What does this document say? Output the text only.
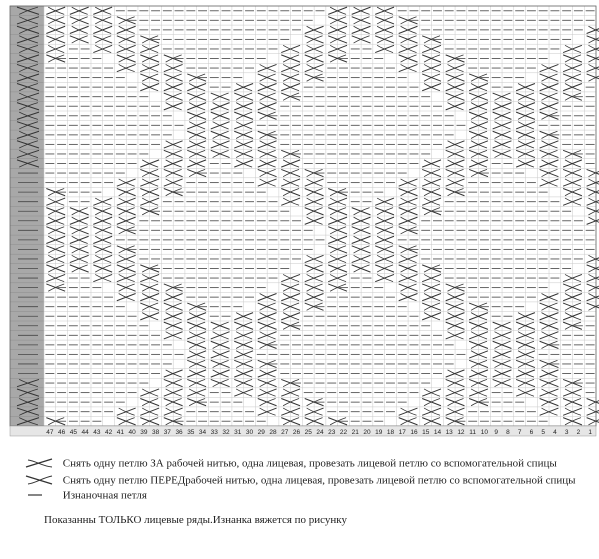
47 46 45 44 43 42 41 40 39 38 37 36 35 34 33 32 31 30 29 28 27 26 25 24 23 22 21 20 19 18 17 16 15 14 13 12 11 10 9 8 7 6 5 4 3 2 1
Снять одну петлю ЗА рабочей нитью, одна лицевая, провезать лицевой петлю со вспомогательной спицы
Снять одну петлю ПЕРЕДрабочей нитью, одна лицевая, провезать лицевой петлю со вспомогательной спицы
Изнаночная петля
Показанны ТОЛЬКО лицевые ряды.Изнанка вяжется по рисунку
